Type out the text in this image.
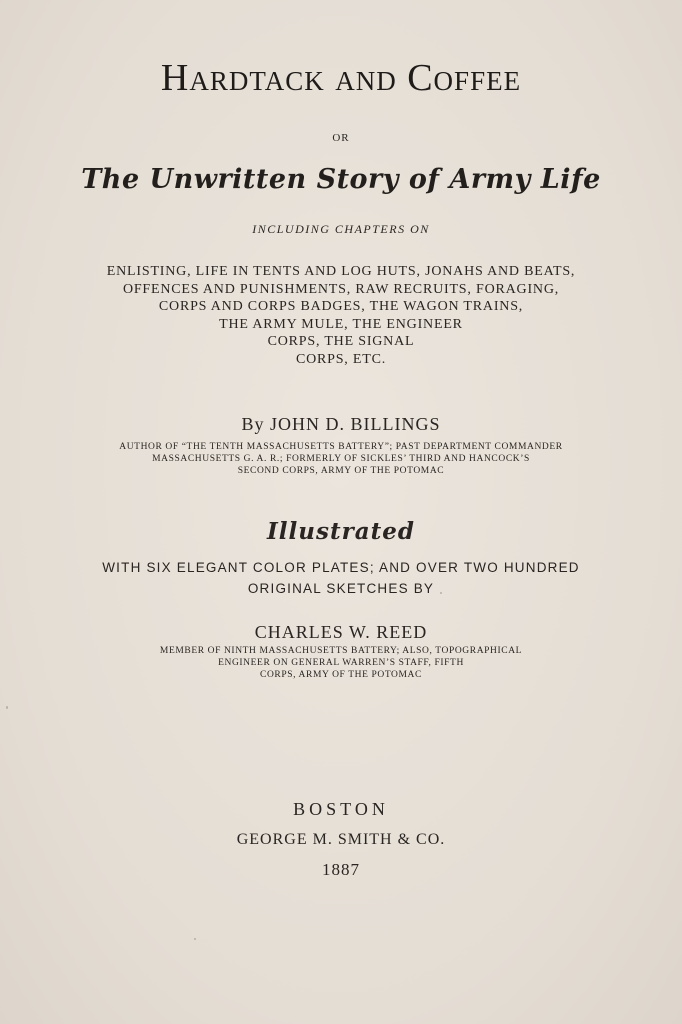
Hardtack and Coffee
OR
The Unwritten Story of Army Life
INCLUDING CHAPTERS ON
ENLISTING, LIFE IN TENTS AND LOG HUTS, JONAHS AND BEATS,
OFFENCES AND PUNISHMENTS, RAW RECRUITS, FORAGING,
CORPS AND CORPS BADGES, THE WAGON TRAINS,
THE ARMY MULE, THE ENGINEER
CORPS, THE SIGNAL
CORPS, ETC.
By JOHN D. BILLINGS
AUTHOR OF “THE TENTH MASSACHUSETTS BATTERY”; PAST DEPARTMENT COMMANDER
MASSACHUSETTS G. A. R.; FORMERLY OF SICKLES’ THIRD AND HANCOCK’S
SECOND CORPS, ARMY OF THE POTOMAC
Illustrated
WITH SIX ELEGANT COLOR PLATES; AND OVER TWO HUNDRED
ORIGINAL SKETCHES BY
CHARLES W. REED
MEMBER OF NINTH MASSACHUSETTS BATTERY; ALSO, TOPOGRAPHICAL
ENGINEER ON GENERAL WARREN’S STAFF, FIFTH
CORPS, ARMY OF THE POTOMAC
BOSTON
GEORGE M. SMITH & CO.
1887
